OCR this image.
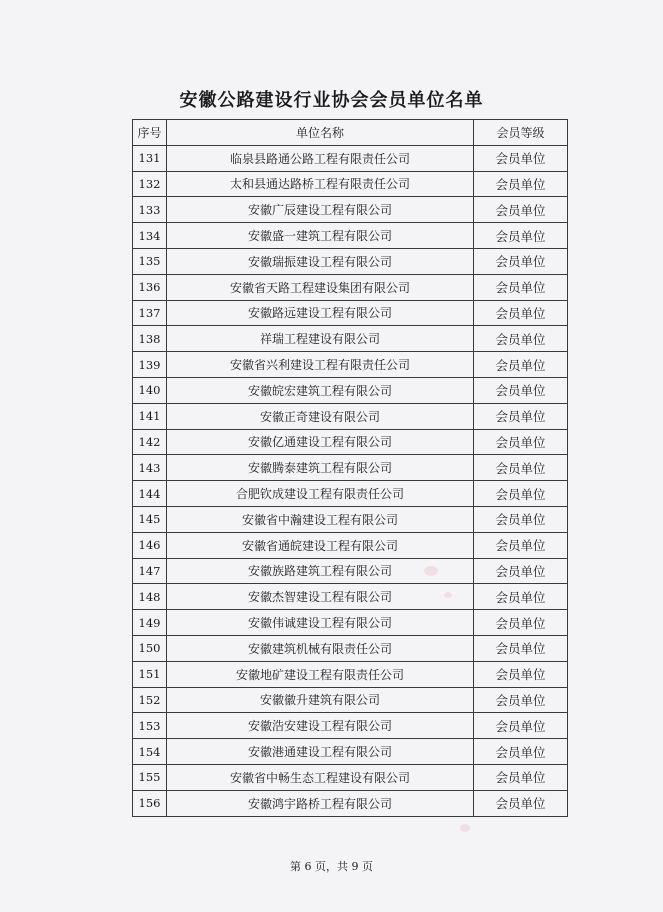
安徽公路建设行业协会会员单位名单
序号	单位名称	会员等级
131	临泉县路通公路工程有限责任公司	会员单位
132	太和县通达路桥工程有限责任公司	会员单位
133	安徽广辰建设工程有限公司	会员单位
134	安徽盛一建筑工程有限公司	会员单位
135	安徽瑞振建设工程有限公司	会员单位
136	安徽省天路工程建设集团有限公司	会员单位
137	安徽路远建设工程有限公司	会员单位
138	祥瑞工程建设有限公司	会员单位
139	安徽省兴利建设工程有限责任公司	会员单位
140	安徽皖宏建筑工程有限公司	会员单位
141	安徽正奇建设有限公司	会员单位
142	安徽亿通建设工程有限公司	会员单位
143	安徽腾泰建筑工程有限公司	会员单位
144	合肥钦成建设工程有限责任公司	会员单位
145	安徽省中瀚建设工程有限公司	会员单位
146	安徽省通皖建设工程有限公司	会员单位
147	安徽族路建筑工程有限公司	会员单位
148	安徽杰智建设工程有限公司	会员单位
149	安徽伟诚建设工程有限公司	会员单位
150	安徽建筑机械有限责任公司	会员单位
151	安徽地矿建设工程有限责任公司	会员单位
152	安徽徽升建筑有限公司	会员单位
153	安徽浩安建设工程有限公司	会员单位
154	安徽港通建设工程有限公司	会员单位
155	安徽省中畅生态工程建设有限公司	会员单位
156	安徽鸿宇路桥工程有限公司	会员单位
第 6 页，共 9 页
